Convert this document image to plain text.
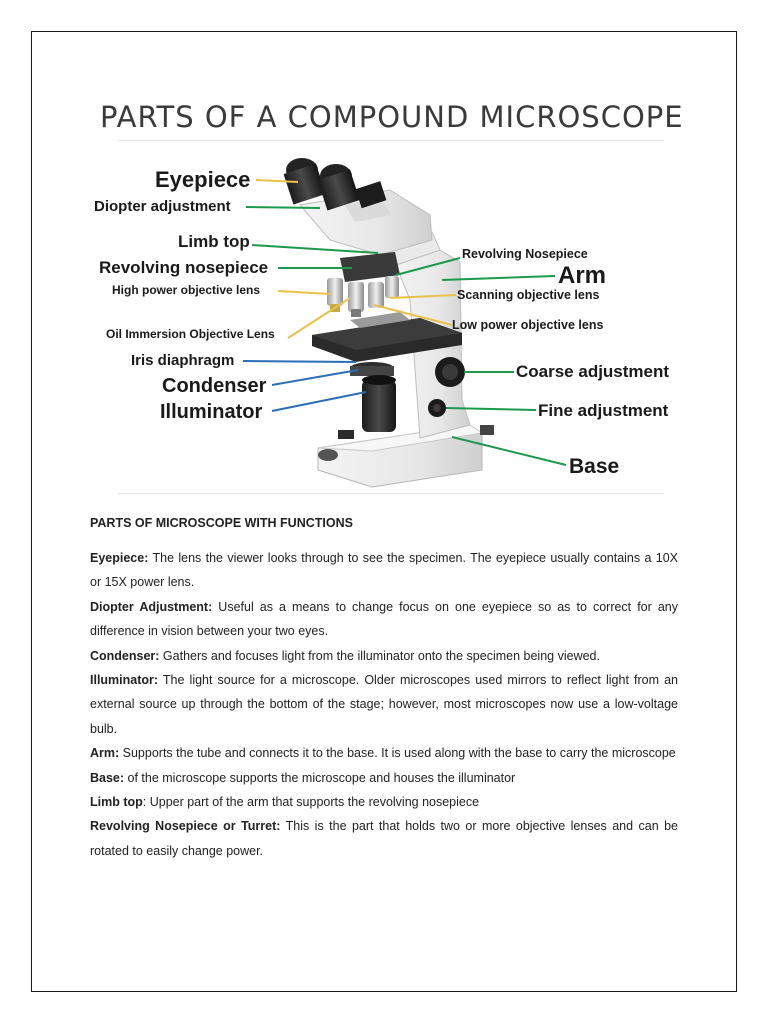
PARTS OF A COMPOUND MICROSCOPE
Eyepiece
Diopter adjustment
Limb top
Revolving nosepiece
High power objective lens
Oil Immersion Objective Lens
Iris diaphragm
Condenser
Illuminator
Revolving Nosepiece
Arm
Scanning objective lens
Low power objective lens
Coarse adjustment
Fine adjustment
Base

PARTS OF MICROSCOPE WITH FUNCTIONS

Eyepiece: The lens the viewer looks through to see the specimen. The eyepiece usually contains a 10X or 15X power lens.

Diopter Adjustment: Useful as a means to change focus on one eyepiece so as to correct for any difference in vision between your two eyes.

Condenser: Gathers and focuses light from the illuminator onto the specimen being viewed.

Illuminator: The light source for a microscope. Older microscopes used mirrors to reflect light from an external source up through the bottom of the stage; however, most microscopes now use a low-voltage bulb.

Arm: Supports the tube and connects it to the base. It is used along with the base to carry the microscope

Base: of the microscope supports the microscope and houses the illuminator

Limb top: Upper part of the arm that supports the revolving nosepiece

Revolving Nosepiece or Turret: This is the part that holds two or more objective lenses and can be rotated to easily change power.
